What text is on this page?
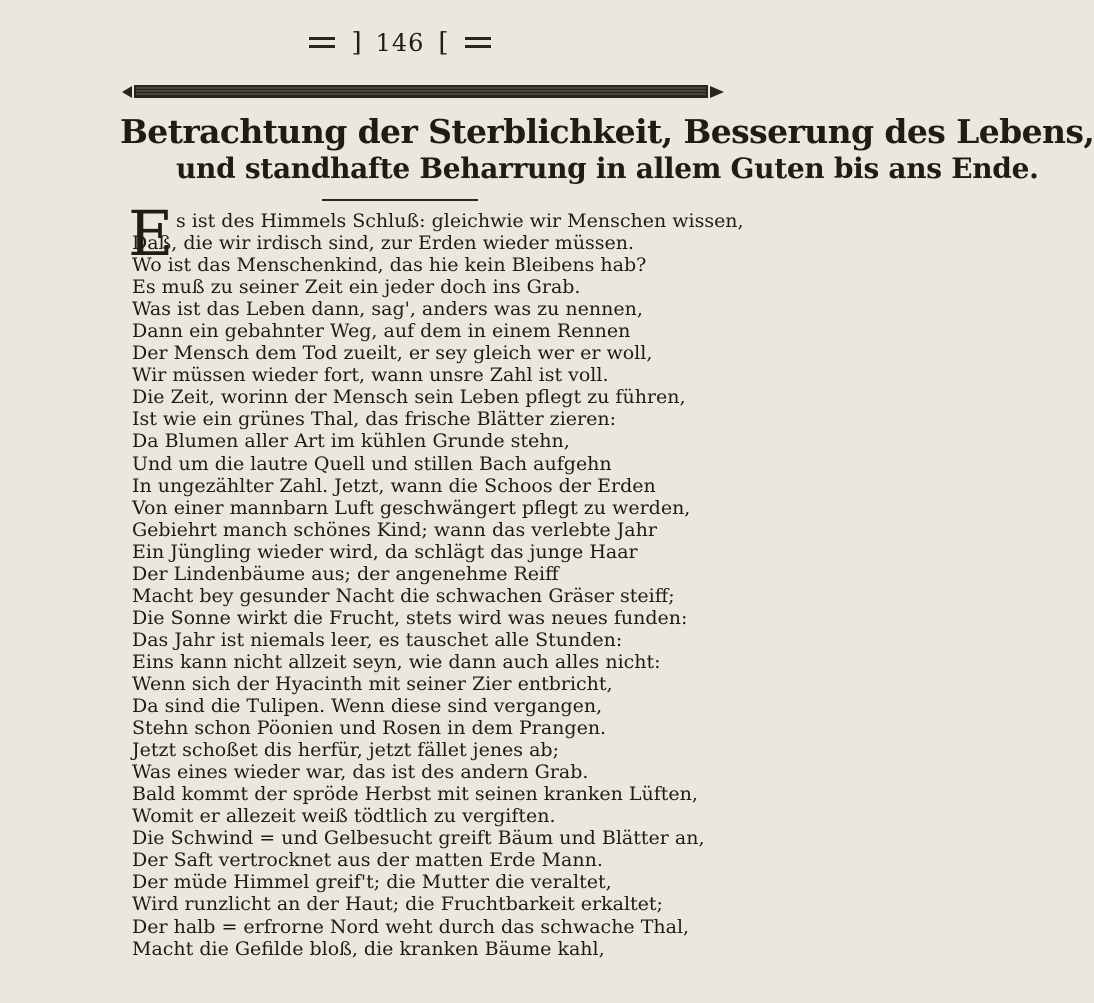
] 146 [
Betrachtung der Sterblichkeit, Besserung des Lebens,
und standhafte Beharrung in allem Guten bis ans Ende.
E s ist des Himmels Schluß: gleichwie wir Menschen wissen,
Daß, die wir irdisch sind, zur Erden wieder müssen.
Wo ist das Menschenkind, das hie kein Bleibens hab?
Es muß zu seiner Zeit ein jeder doch ins Grab.
Was ist das Leben dann, sag', anders was zu nennen,
Dann ein gebahnter Weg, auf dem in einem Rennen
Der Mensch dem Tod zueilt, er sey gleich wer er woll,
Wir müssen wieder fort, wann unsre Zahl ist voll.
Die Zeit, worinn der Mensch sein Leben pflegt zu führen,
Ist wie ein grünes Thal, das frische Blätter zieren:
Da Blumen aller Art im kühlen Grunde stehn,
Und um die lautre Quell und stillen Bach aufgehn
In ungezählter Zahl. Jetzt, wann die Schoos der Erden
Von einer mannbarn Luft geschwängert pflegt zu werden,
Gebiehrt manch schönes Kind; wann das verlebte Jahr
Ein Jüngling wieder wird, da schlägt das junge Haar
Der Lindenbäume aus; der angenehme Reiff
Macht bey gesunder Nacht die schwachen Gräser steiff;
Die Sonne wirkt die Frucht, stets wird was neues funden:
Das Jahr ist niemals leer, es tauschet alle Stunden:
Eins kann nicht allzeit seyn, wie dann auch alles nicht:
Wenn sich der Hyacinth mit seiner Zier entbricht,
Da sind die Tulipen. Wenn diese sind vergangen,
Stehn schon Pöonien und Rosen in dem Prangen.
Jetzt schoßet dis herfür, jetzt fället jenes ab;
Was eines wieder war, das ist des andern Grab.
Bald kommt der spröde Herbst mit seinen kranken Lüften,
Womit er allezeit weiß tödtlich zu vergiften.
Die Schwind = und Gelbesucht greift Bäum und Blätter an,
Der Saft vertrocknet aus der matten Erde Mann.
Der müde Himmel greif't; die Mutter die veraltet,
Wird runzlicht an der Haut; die Fruchtbarkeit erkaltet;
Der halb = erfrorne Nord weht durch das schwache Thal,
Macht die Gefilde bloß, die kranken Bäume kahl,
